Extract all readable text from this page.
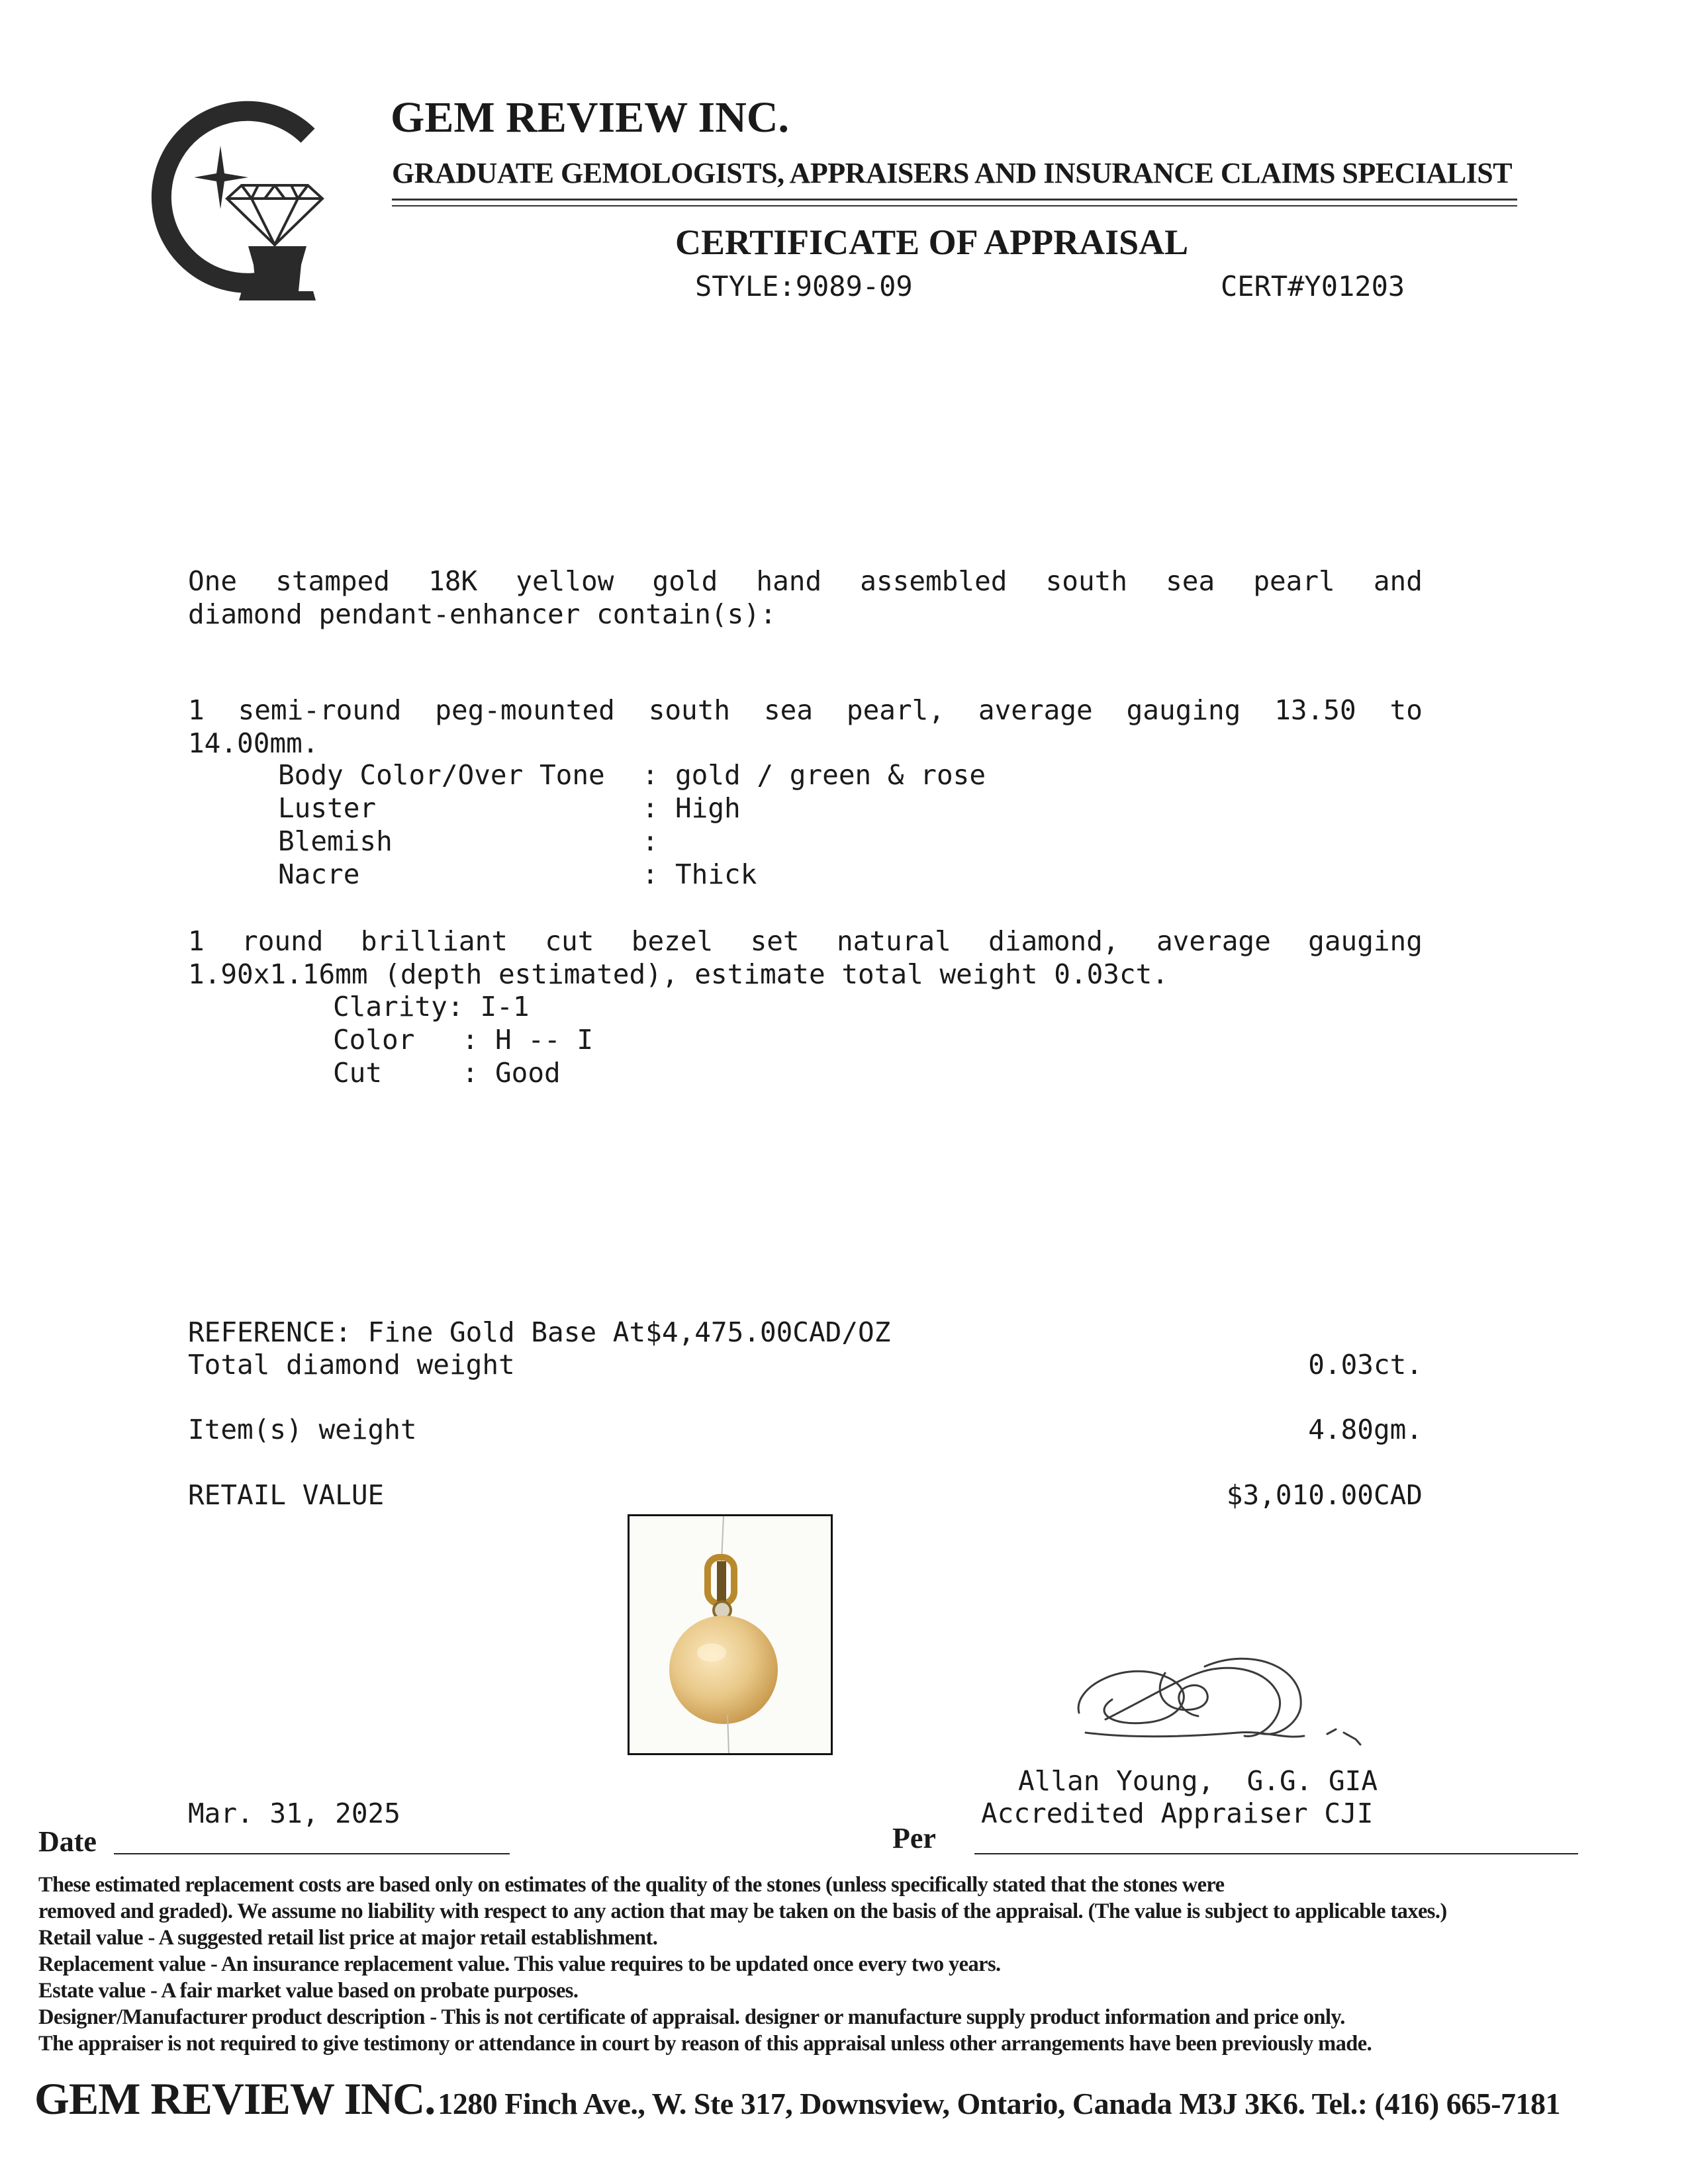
GEM REVIEW INC.
GRADUATE GEMOLOGISTS, APPRAISERS AND INSURANCE CLAIMS SPECIALIST
CERTIFICATE OF APPRAISAL
STYLE:9089-09	CERT#Y01203
One stamped 18K yellow gold hand assembled south sea pearl and
diamond pendant-enhancer contain(s):
1 semi-round peg-mounted south sea pearl, average gauging 13.50 to
14.00mm.
Body Color/Over Tone	: gold / green & rose
Luster	: High
Blemish	:
Nacre	: Thick
1 round brilliant cut bezel set natural diamond, average gauging
1.90x1.16mm (depth estimated), estimate total weight 0.03ct.
Clarity : I-1
Color	: H -- I
Cut	: Good
REFERENCE: Fine Gold Base At$4,475.00CAD/OZ
Total diamond weight	0.03ct.
Item(s) weight	4.80gm.
RETAIL VALUE	$3,010.00CAD
Allan Young,  G.G. GIA
Accredited Appraiser CJI
Mar. 31, 2025
Date	Per
These estimated replacement costs are based only on estimates of the quality of the stones (unless specifically stated that the stones were
removed and graded). We assume no liability with respect to any action that may be taken on the basis of the appraisal. (The value is subject to applicable taxes.)
Retail value - A suggested retail list price at major retail establishment.
Replacement value - An insurance replacement value. This value requires to be updated once every two years.
Estate value - A fair market value based on probate purposes.
Designer/Manufacturer product description - This is not certificate of appraisal. designer or manufacture supply product information and price only.
The appraiser is not required to give testimony or attendance in court by reason of this appraisal unless other arrangements have been previously made.
GEM REVIEW INC. 1280 Finch Ave., W. Ste 317, Downsview, Ontario, Canada M3J 3K6. Tel.: (416) 665-7181
